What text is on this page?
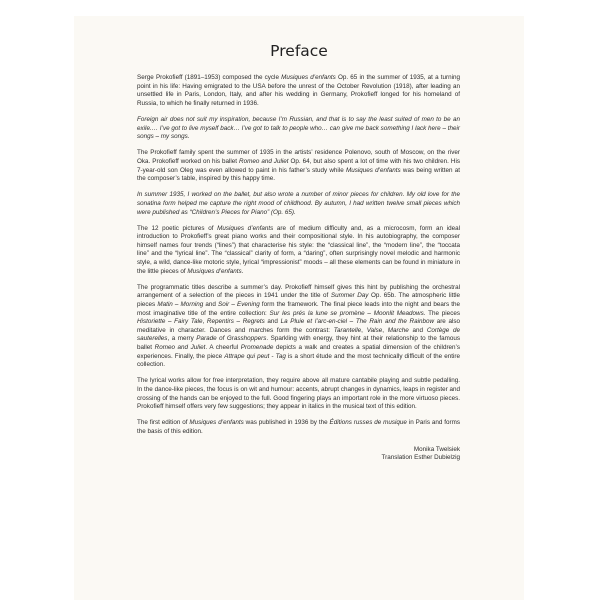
Preface

Serge Prokofieff (1891–1953) composed the cycle Musiques d’enfants Op. 65 in the summer of 1935, at a turning point in his life: Having emigrated to the USA before the unrest of the October Revolution (1918), after leading an unsettled life in Paris, London, Italy, and after his wedding in Germany, Prokofieff longed for his homeland of Russia, to which he finally returned in 1936.

Foreign air does not suit my inspiration, because I’m Russian, and that is to say the least suited of men to be an exile.… I’ve got to live myself back… I’ve got to talk to people who… can give me back something I lack here – their songs – my songs.

The Prokofieff family spent the summer of 1935 in the artists’ residence Polenovo, south of Moscow, on the river Oka. Prokofieff worked on his ballet Romeo and Juliet Op. 64, but also spent a lot of time with his two children. His 7-year-old son Oleg was even allowed to paint in his father’s study while Musiques d’enfants was being written at the composer’s table, inspired by this happy time.

In summer 1935, I worked on the ballet, but also wrote a number of minor pieces for children. My old love for the sonatina form helped me capture the right mood of childhood. By autumn, I had written twelve small pieces which were published as “Children’s Pieces for Piano” (Op. 65).

The 12 poetic pictures of Musiques d’enfants are of medium difficulty and, as a microcosm, form an ideal introduction to Prokofieff’s great piano works and their compositional style. In his autobiography, the composer himself names four trends (“lines”) that characterise his style: the “classical line”, the “modern line”, the “toccata line” and the “lyrical line”. The “classical” clarity of form, a “daring”, often surprisingly novel melodic and harmonic style, a wild, dance-like motoric style, lyrical “impressionist” moods – all these elements can be found in miniature in the little pieces of Musiques d’enfants.

The programmatic titles describe a summer’s day. Prokofieff himself gives this hint by publishing the orchestral arrangement of a selection of the pieces in 1941 under the title of Summer Day Op. 65b. The atmospheric little pieces Matin – Morning and Soir – Evening form the framework. The final piece leads into the night and bears the most imaginative title of the entire collection: Sur les prés la lune se promène – Moonlit Meadows. The pieces Historiette – Fairy Tale, Repentirs – Regrets and La Pluie et l’arc-en-ciel – The Rain and the Rainbow are also meditative in character. Dances and marches form the contrast: Tarantelle, Valse, Marche and Cortège de sauterelles, a merry Parade of Grasshoppers. Sparkling with energy, they hint at their relationship to the famous ballet Romeo and Juliet. A cheerful Promenade depicts a walk and creates a spatial dimension of the children’s experiences. Finally, the piece Attrape qui peut - Tag is a short étude and the most technically difficult of the entire collection.

The lyrical works allow for free interpretation, they require above all mature cantabile playing and subtle pedalling. In the dance-like pieces, the focus is on wit and humour: accents, abrupt changes in dynamics, leaps in register and crossing of the hands can be enjoyed to the full. Good fingering plays an important role in the more virtuoso pieces. Prokofieff himself offers very few suggestions; they appear in italics in the musical text of this edition.

The first edition of Musiques d’enfants was published in 1936 by the Éditions russes de musique in Paris and forms the basis of this edition.

Monika Twelsiek
Translation Esther Dubielzig
